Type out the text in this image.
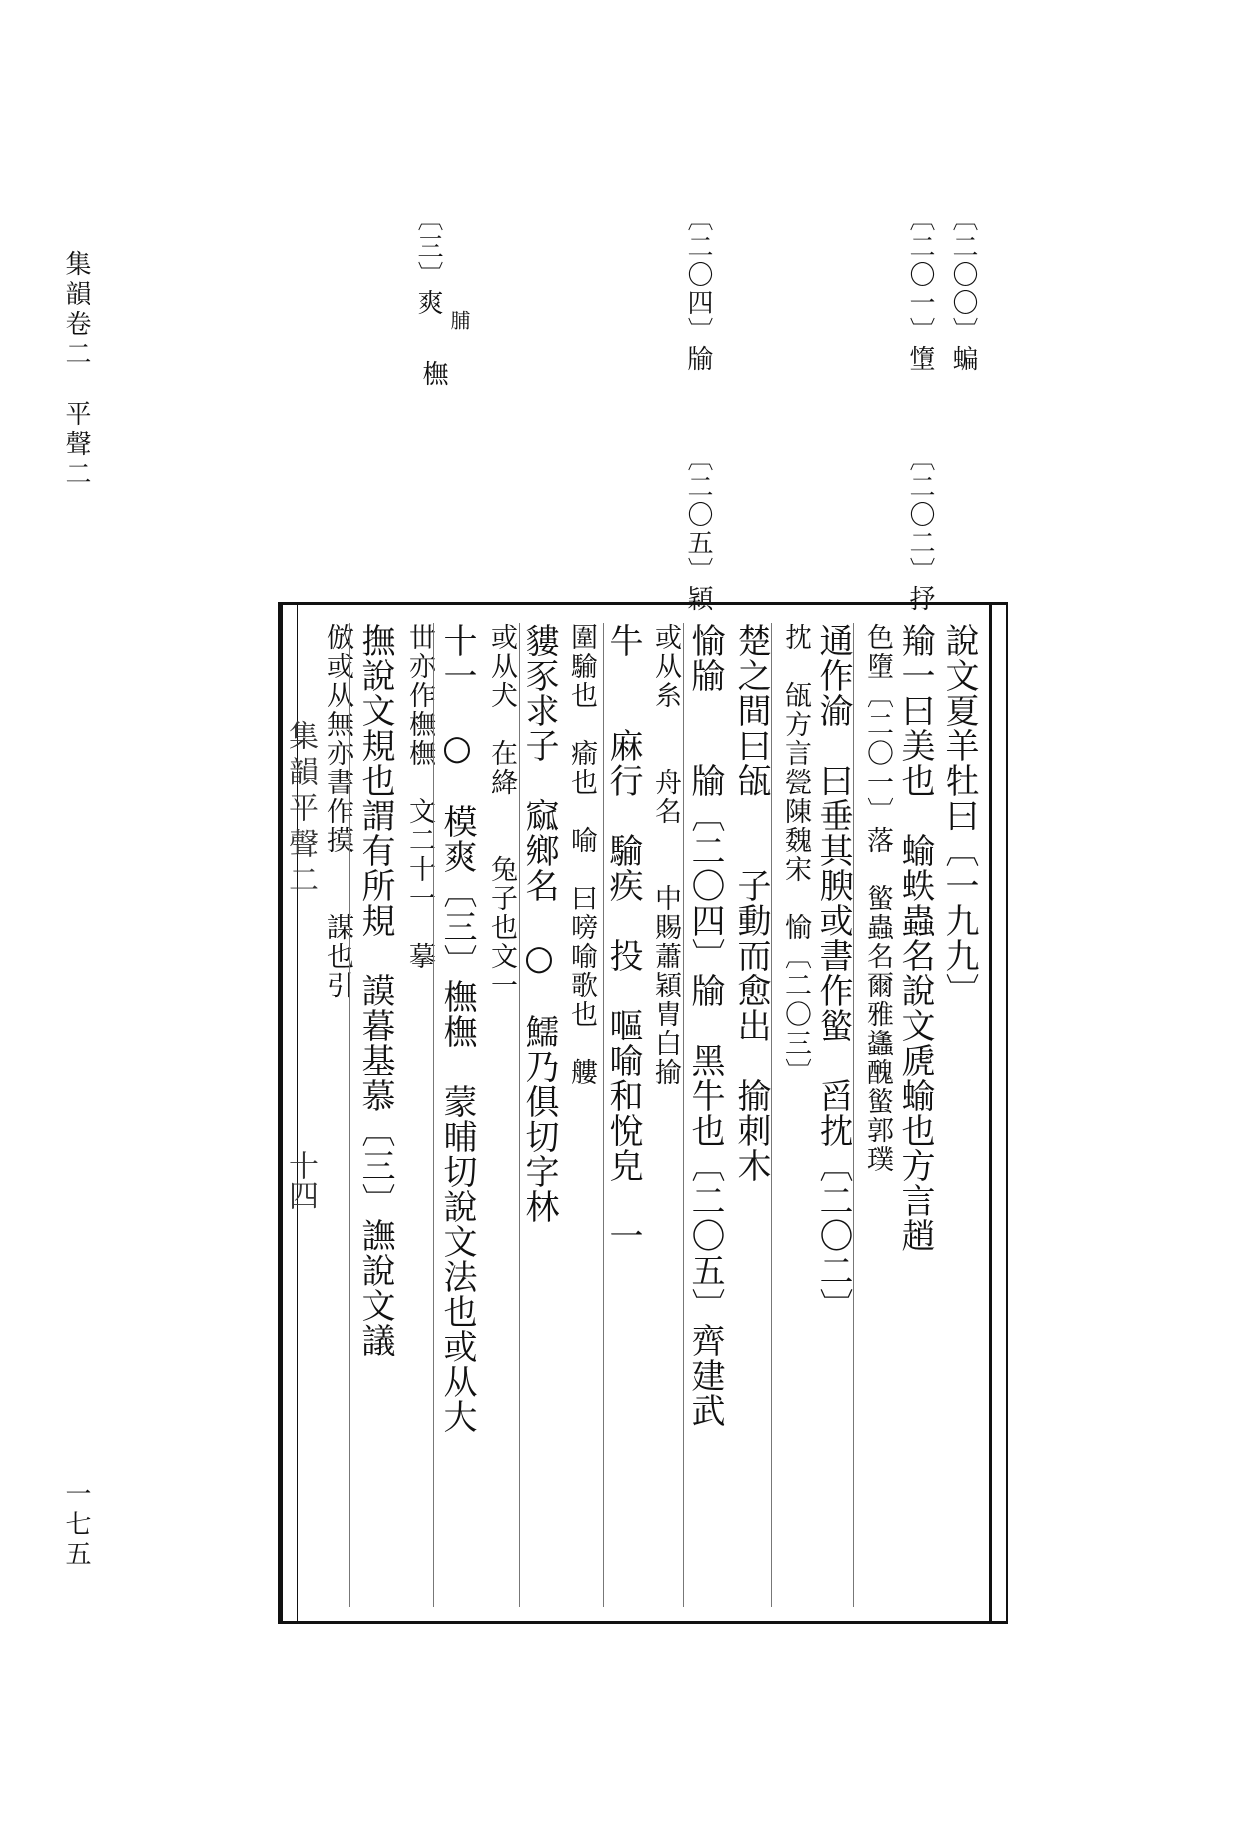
集韻卷二　平聲二
一七五
〔二〇〇〕蝙
〔二〇一〕墯
〔二〇二〕抒
〔二〇四〕牏
〔二〇五〕穎
〔三〕爽
脯
橅
說文夏羊牡曰〔一九九〕
羭一曰美也　蝓蛈蟲名說文虒蝓也方言趙
色墮〔二〇一〕落　螸蟲名爾雅蠭醜螸郭璞
通作渝　曰垂其腴或書作螸　舀抌〔二〇二〕
抌　瓵方言甇陳魏宋　愉〔二〇三〕
楚之間曰瓵　　子動而愈出　揄刺木
愉牏　　牏〔二〇四〕牏　黑牛也〔二〇五〕齊建武
或从糸　　舟名　　中賜蕭穎胄白揄
牛　　麻行　騟疾　投　嘔喻和悅皃　一
圍騟也　瘉也　喻　曰嗙喻歌也　艛
貗豕求子　窳鄉名　○　鱬乃俱切字林
或从犬　在絳　　兔子也文一
十一　○　模爽〔三〕橅橅　蒙晡切說文法也或从大
丗亦作橅橅　文二十一　摹
撫說文規也謂有所規　謨暮基慕〔三〕譕說文議
倣或从無亦書作摸　　謀也引
集韻平聲二
十四
